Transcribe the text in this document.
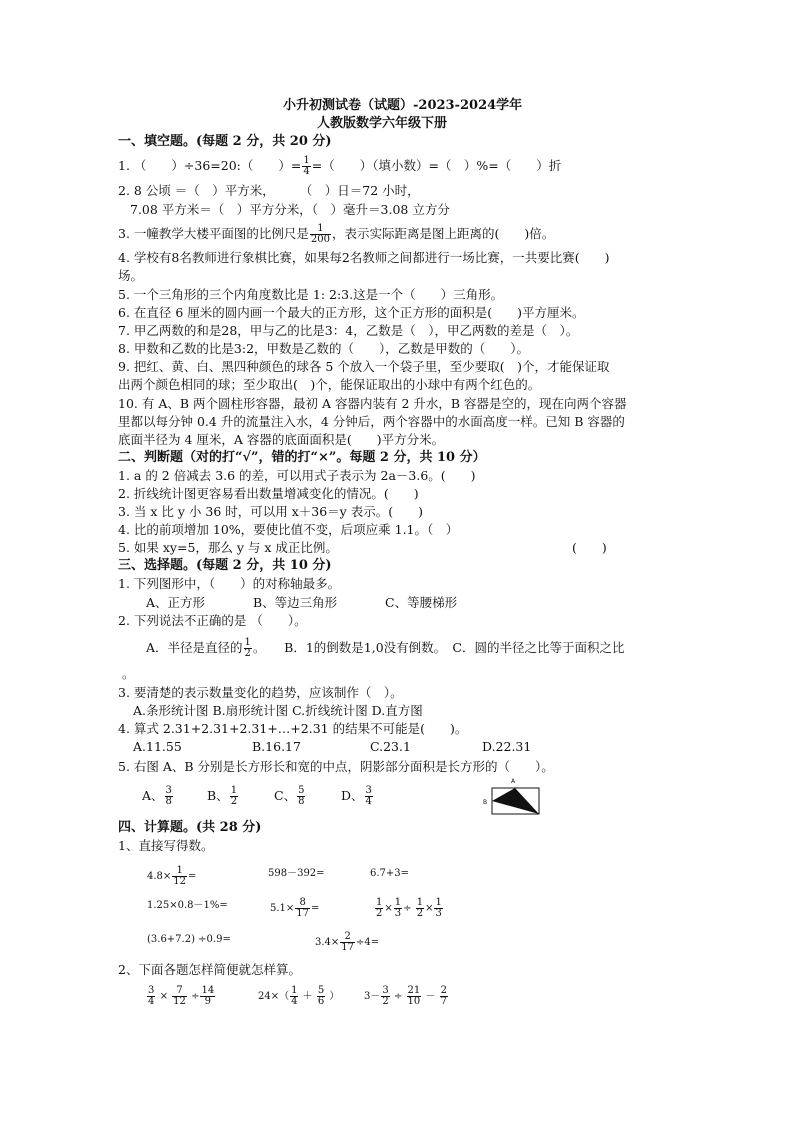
小升初测试卷（试题）-2023-2024学年
人教版数学六年级下册
一、填空题。(每题 2 分，共 20 分)
1. （　　）÷36=20:（　　）= $\frac{1}{4}$ =（　　）（填小数）=（　）%=（　　）折
2. 8 公顷 ＝（　）平方米，　　　（　）日＝72 小时，
7.08 平方米＝（　）平方分米，（　）毫升＝3.08 立方分
3. 一幢教学大楼平面图的比例尺是 $\frac{1}{200}$ ，表示实际距离是图上距离的(　　)倍。
4. 学校有8名教师进行象棋比赛，如果每2名教师之间都进行一场比赛，一共要比赛(　　)
场。
5. 一个三角形的三个内角度数比是 1: 2:3.这是一个（　　）三角形。
6. 在直径 6 厘米的圆内画一个最大的正方形，这个正方形的面积是(　　)平方厘米。
7. 甲乙两数的和是28，甲与乙的比是3：4，乙数是（　），甲乙两数的差是（　）。
8. 甲数和乙数的比是3:2，甲数是乙数的（　　），乙数是甲数的（　　）。
9. 把红、黄、白、黑四种颜色的球各 5 个放入一个袋子里，至少要取(　)个，才能保证取
出两个颜色相同的球；至少取出(　)个，能保证取出的小球中有两个红色的。
10. 有 A、B 两个圆柱形容器，最初 A 容器内装有 2 升水，B 容器是空的，现在向两个容器
里都以每分钟 0.4 升的流量注入水，4 分钟后，两个容器中的水面高度一样。已知 B 容器的
底面半径为 4 厘米，A 容器的底面面积是(　　)平方分米。
二、判断题（对的打“√”，错的打“×”。每题 2 分，共 10 分）
1. a 的 2 倍减去 3.6 的差，可以用式子表示为 2a－3.6。(　　)
2. 折线统计图更容易看出数量增减变化的情况。(　　)
3. 当 x 比 y 小 36 时，可以用 x＋36＝y 表示。(　　)
4. 比的前项增加 10%，要使比值不变，后项应乘 1.1。（　）
5. 如果 xy=5，那么 y 与 x 成正比例。	(　　)
三、选择题。(每题 2 分，共 10 分)
1. 下列图形中，（　　）的对称轴最多。
A、正方形	B、等边三角形	C、等腰梯形
2. 下列说法不正确的是 （　　）。
A．半径是直径的 $\frac{1}{2}$ 。　　B．1的倒数是1,0没有倒数。　C．圆的半径之比等于面积之比
。
3. 要清楚的表示数量变化的趋势，应该制作（　）。
A.条形统计图 B.扇形统计图 C.折线统计图 D.直方图
4. 算式 2.31+2.31+2.31+…+2.31 的结果不可能是(　　)。
A.11.55	B.16.17	C.23.1	D.22.31
5. 右图 A、B 分别是长方形长和宽的中点，阴影部分面积是长方形的（　　）。
A、 $\frac{3}{8}$	B、 $\frac{1}{2}$	C、 $\frac{5}{8}$	D、 $\frac{3}{4}$
A
B
四、计算题。(共 28 分)
1、直接写得数。
$4.8\times \frac{1}{12}$ =	598－392=	6.7+3=
1.25×0.8－1%=	$5.1\times \frac{8}{17}$ =	$\frac{1}{2} \times \frac{1}{3} \div \frac{1}{2} \times \frac{1}{3}$
(3.6+7.2) ÷0.9=	$3.4\times \frac{2}{17} \div 4=$
2、下面各题怎样简便就怎样算。
$\frac{3}{4} \times \frac{7}{12} \div \frac{14}{9}$	$24\times( \frac{1}{4} + \frac{5}{6}$ ） $3- \frac{3}{2} \div \frac{21}{10} - \frac{2}{7}$
